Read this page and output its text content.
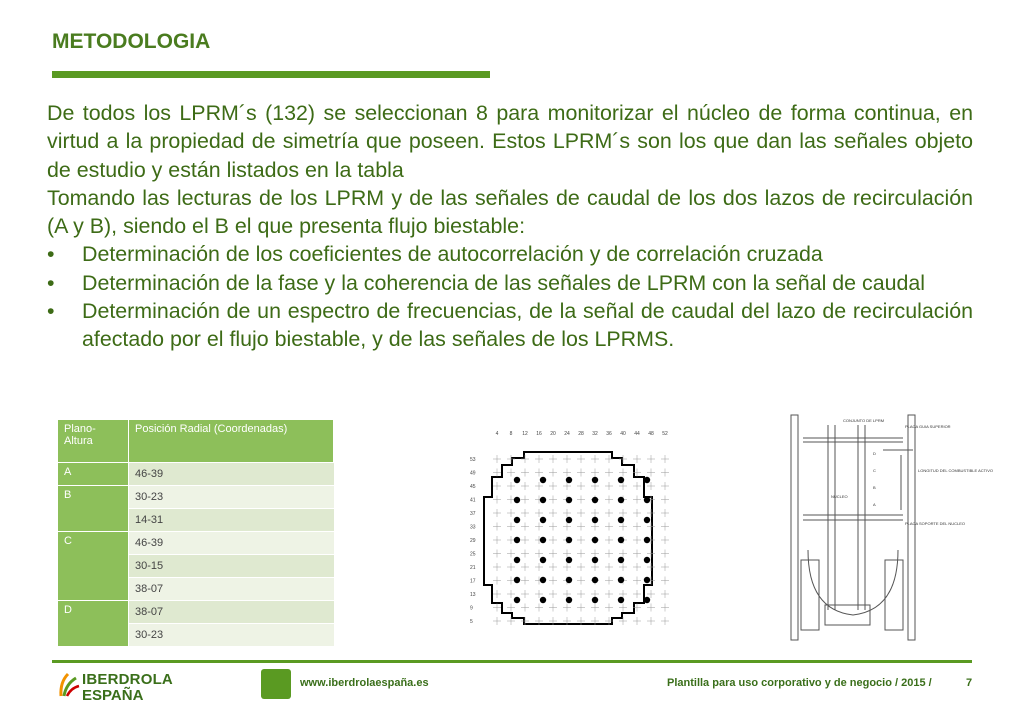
METODOLOGIA

De todos los LPRM´s (132) se seleccionan 8 para monitorizar el núcleo de forma continua, en virtud a la propiedad de simetría que poseen. Estos LPRM´s son los que dan las señales objeto de estudio y están listados en la tabla

Tomando las lecturas de los LPRM y de las señales de caudal de los dos lazos de recirculación (A y B), siendo el B el que presenta flujo biestable:

• Determinación de los coeficientes de autocorrelación y de correlación cruzada
• Determinación de la fase y la coherencia de las señales de LPRM con la señal de caudal
• Determinación de un espectro de frecuencias, de la señal de caudal del lazo de recirculación afectado por el flujo biestable, y de las señales de los LPRMS.
Plano-Altura	Posición Radial (Coordenadas)
A	46-39
B	30-23
	14-31
C	46-39
	30-15
	38-07
D	38-07
	30-23
4 8 12 16 20 24 28 32 36 40 44 48 52
53
49
45
41
37
33
29
25
21
17
13
9
5
CONJUNTO DE LPRM
PLACA GUIA SUPERIOR
LONGITUD DEL COMBUSTIBLE ACTIVO
NUCLEO
PLACA SOPORTE DEL NUCLEO
D
C
B
A
IBERDROLA
ESPAÑA
www.iberdrolaespaña.es	Plantilla para uso corporativo y de negocio / 2015 /	7
